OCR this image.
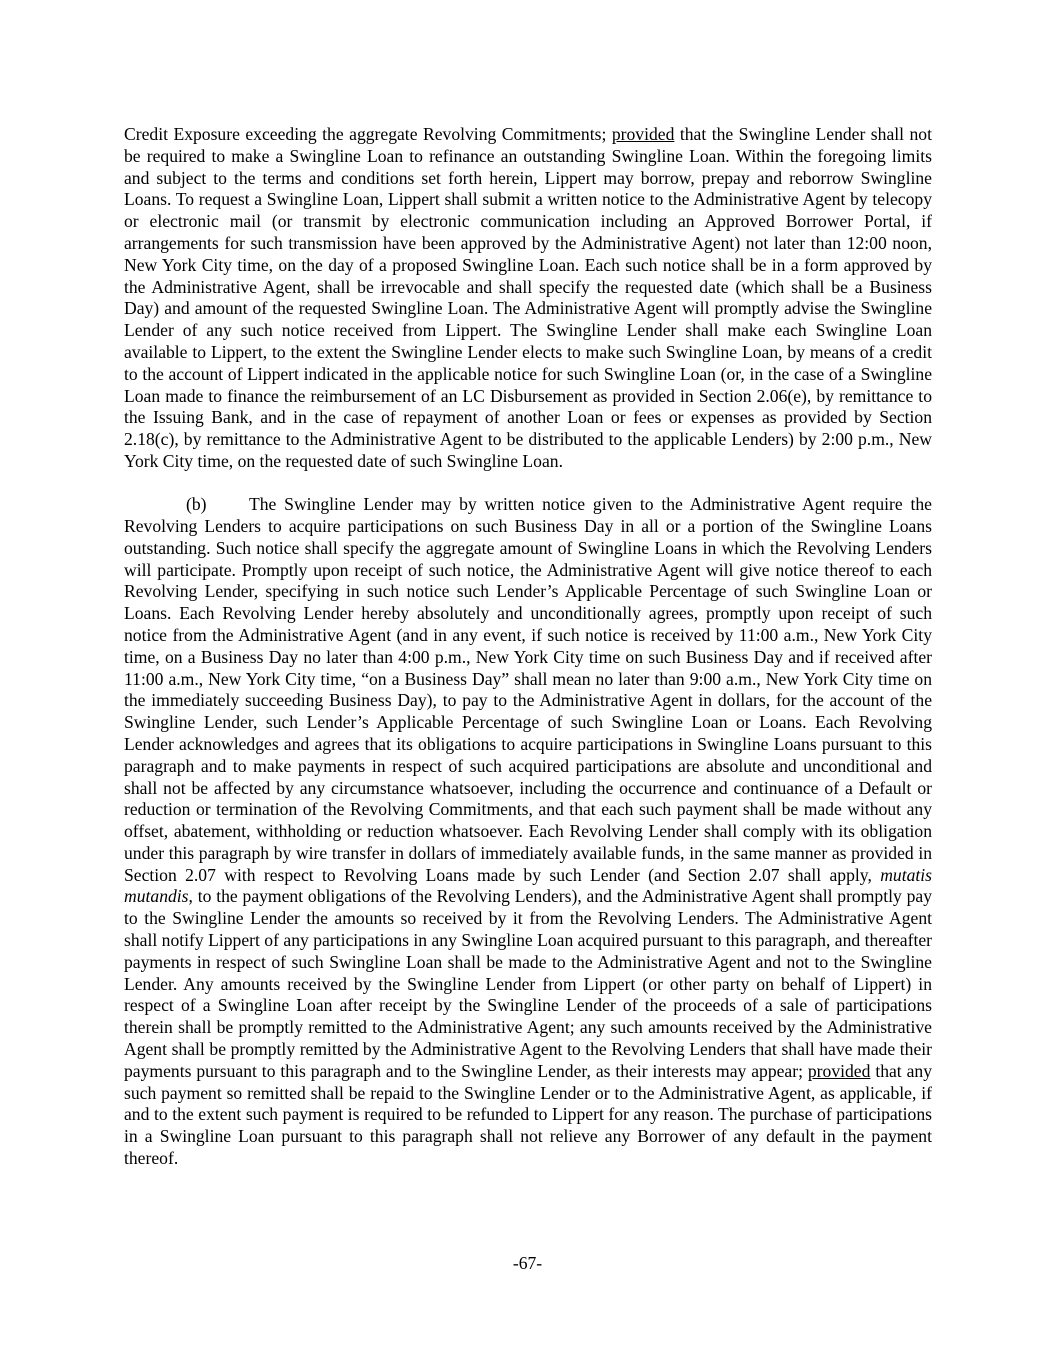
Credit Exposure exceeding the aggregate Revolving Commitments; provided that the Swingline Lender shall not be required to make a Swingline Loan to refinance an outstanding Swingline Loan. Within the foregoing limits and subject to the terms and conditions set forth herein, Lippert may borrow, prepay and reborrow Swingline Loans. To request a Swingline Loan, Lippert shall submit a written notice to the Administrative Agent by telecopy or electronic mail (or transmit by electronic communication including an Approved Borrower Portal, if arrangements for such transmission have been approved by the Administrative Agent) not later than 12:00 noon, New York City time, on the day of a proposed Swingline Loan. Each such notice shall be in a form approved by the Administrative Agent, shall be irrevocable and shall specify the requested date (which shall be a Business Day) and amount of the requested Swingline Loan. The Administrative Agent will promptly advise the Swingline Lender of any such notice received from Lippert. The Swingline Lender shall make each Swingline Loan available to Lippert, to the extent the Swingline Lender elects to make such Swingline Loan, by means of a credit to the account of Lippert indicated in the applicable notice for such Swingline Loan (or, in the case of a Swingline Loan made to finance the reimbursement of an LC Disbursement as provided in Section 2.06(e), by remittance to the Issuing Bank, and in the case of repayment of another Loan or fees or expenses as provided by Section 2.18(c), by remittance to the Administrative Agent to be distributed to the applicable Lenders) by 2:00 p.m., New York City time, on the requested date of such Swingline Loan.

(b) The Swingline Lender may by written notice given to the Administrative Agent require the Revolving Lenders to acquire participations on such Business Day in all or a portion of the Swingline Loans outstanding. Such notice shall specify the aggregate amount of Swingline Loans in which the Revolving Lenders will participate. Promptly upon receipt of such notice, the Administrative Agent will give notice thereof to each Revolving Lender, specifying in such notice such Lender’s Applicable Percentage of such Swingline Loan or Loans. Each Revolving Lender hereby absolutely and unconditionally agrees, promptly upon receipt of such notice from the Administrative Agent (and in any event, if such notice is received by 11:00 a.m., New York City time, on a Business Day no later than 4:00 p.m., New York City time on such Business Day and if received after 11:00 a.m., New York City time, “on a Business Day” shall mean no later than 9:00 a.m., New York City time on the immediately succeeding Business Day), to pay to the Administrative Agent in dollars, for the account of the Swingline Lender, such Lender’s Applicable Percentage of such Swingline Loan or Loans. Each Revolving Lender acknowledges and agrees that its obligations to acquire participations in Swingline Loans pursuant to this paragraph and to make payments in respect of such acquired participations are absolute and unconditional and shall not be affected by any circumstance whatsoever, including the occurrence and continuance of a Default or reduction or termination of the Revolving Commitments, and that each such payment shall be made without any offset, abatement, withholding or reduction whatsoever. Each Revolving Lender shall comply with its obligation under this paragraph by wire transfer in dollars of immediately available funds, in the same manner as provided in Section 2.07 with respect to Revolving Loans made by such Lender (and Section 2.07 shall apply, mutatis mutandis, to the payment obligations of the Revolving Lenders), and the Administrative Agent shall promptly pay to the Swingline Lender the amounts so received by it from the Revolving Lenders. The Administrative Agent shall notify Lippert of any participations in any Swingline Loan acquired pursuant to this paragraph, and thereafter payments in respect of such Swingline Loan shall be made to the Administrative Agent and not to the Swingline Lender. Any amounts received by the Swingline Lender from Lippert (or other party on behalf of Lippert) in respect of a Swingline Loan after receipt by the Swingline Lender of the proceeds of a sale of participations therein shall be promptly remitted to the Administrative Agent; any such amounts received by the Administrative Agent shall be promptly remitted by the Administrative Agent to the Revolving Lenders that shall have made their payments pursuant to this paragraph and to the Swingline Lender, as their interests may appear; provided that any such payment so remitted shall be repaid to the Swingline Lender or to the Administrative Agent, as applicable, if and to the extent such payment is required to be refunded to Lippert for any reason. The purchase of participations in a Swingline Loan pursuant to this paragraph shall not relieve any Borrower of any default in the payment thereof.

-67-
